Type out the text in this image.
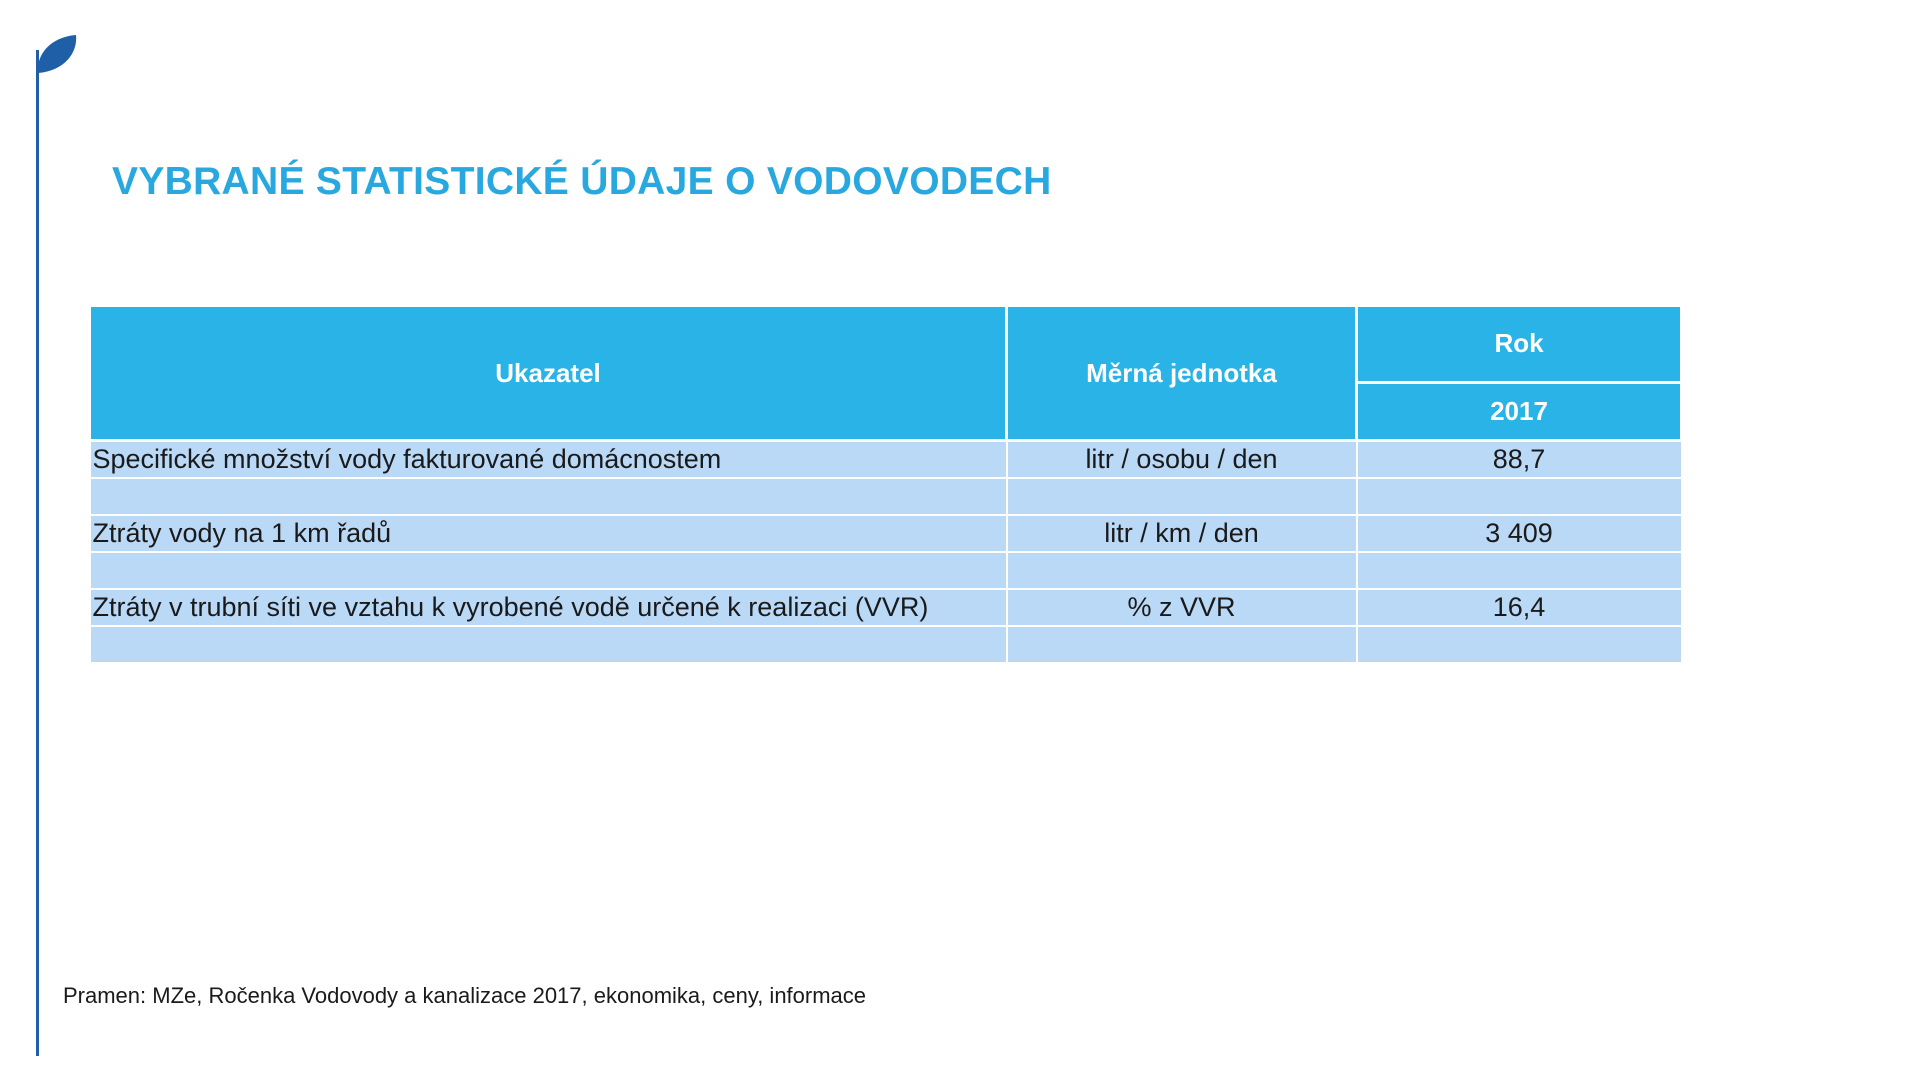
VYBRANÉ STATISTICKÉ ÚDAJE O VODOVODECH
Ukazatel	Měrná jednotka	Rok
		2017
Specifické množství vody fakturované domácnostem	litr / osobu / den	88,7

Ztráty vody na 1 km řadů	litr / km / den	3 409

Ztráty v trubní síti ve vztahu k vyrobené vodě určené k realizaci (VVR)	% z VVR	16,4

Pramen: MZe, Ročenka Vodovody a kanalizace 2017, ekonomika, ceny, informace
